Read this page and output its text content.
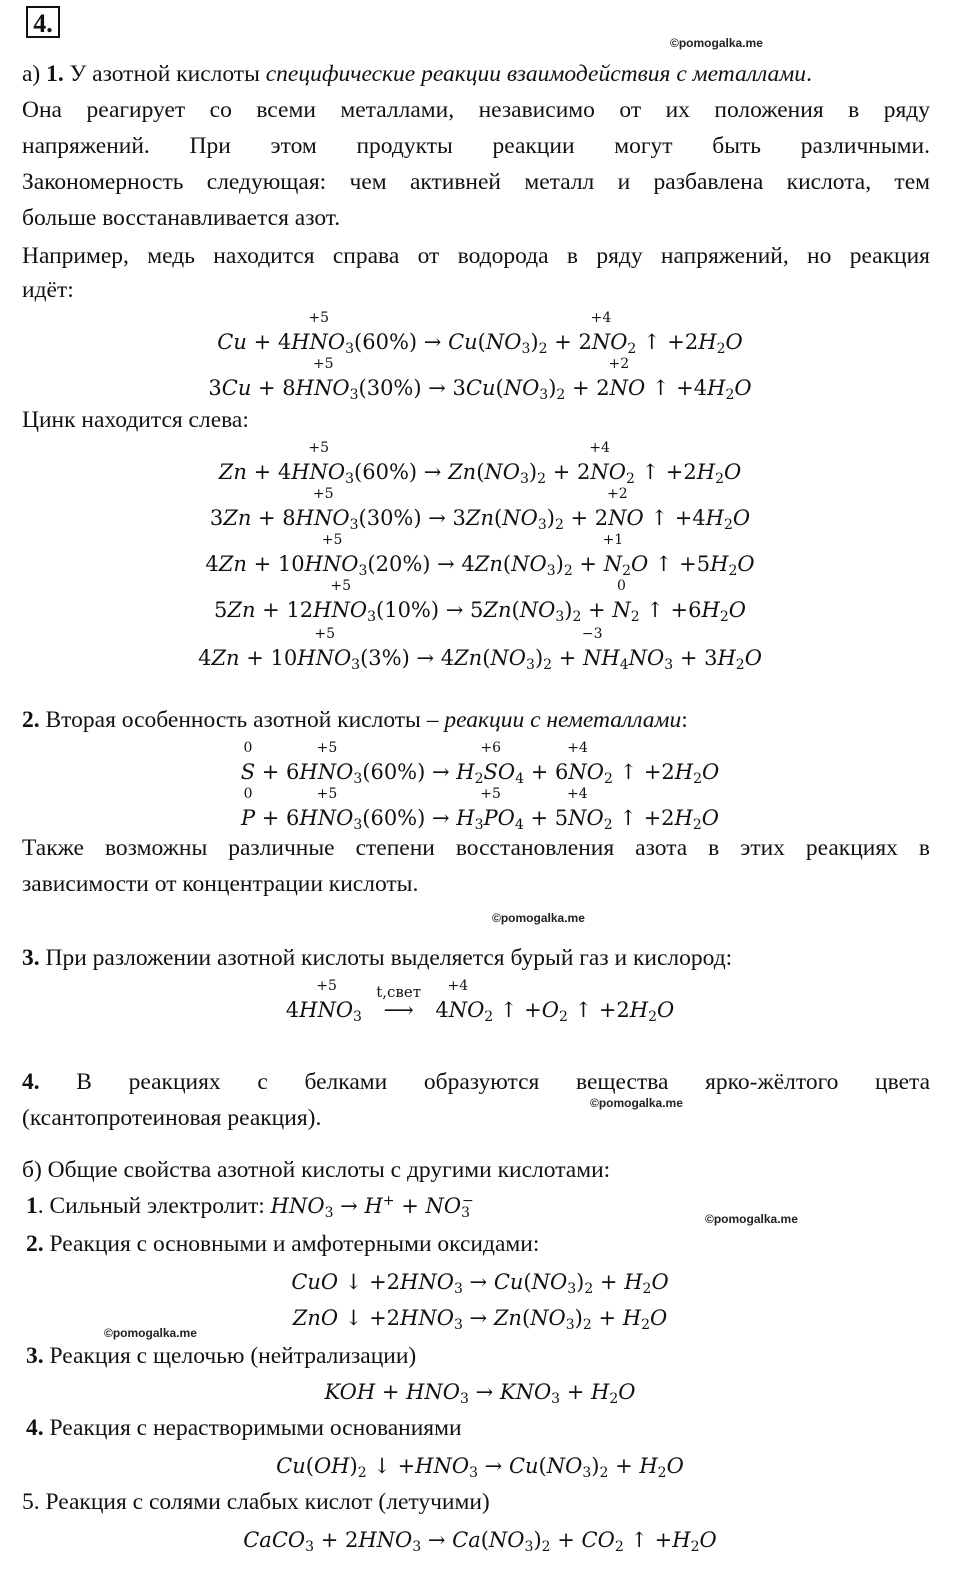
4.
©pomogalka.me
а) 1. У азотной кислоты специфические реакции взаимодействия с металлами.
Она реагирует со всеми металлами, независимо от их положения в ряду
напряжений. При этом продукты реакции могут быть различными.
Закономерность следующая: чем активней металл и разбавлена кислота, тем
больше восстанавливается азот.
Например, медь находится справа от водорода в ряду напряжений, но реакция
идёт:
Cu + 4HN
+5
$O_3(60\%) \to Cu(NO_3)_2 + 2N$
+4
$O_2$ ↑ $+2H_2O$
3Cu + 8HN
+5
$O_3(30\%) \to 3Cu(NO_3)_2 + 2N$
+2
O ↑ $+4H_2O$
Цинк находится слева:
Zn + 4HN
+5
$O_3(60\%) \to Zn(NO_3)_2 + 2N$
+4
$O_2$ ↑ $+2H_2O$
3Zn + 8HN
+5
$O_3(30\%) \to 3Zn(NO_3)_2 + 2N$
+2
O ↑ $+4H_2O$
4Zn + 10HN
+5
$O_3(20\%) \to 4Zn(NO_3)_2 + N$
+1
$_2$O ↑ $+5H_2O$
5Zn + 12HN
+5
$O_3(10\%) \to 5Zn(NO_3)_2 + N$
0
$_2$ ↑ $+6H_2O$
4Zn + 10HN
+5
$O_3(3\%) \to 4Zn(NO_3)_2 + N$
−3
$H_4NO_3 + 3H_2O$
2. Вторая особенность азотной кислоты – реакции с неметаллами:
S
0
+ 6HN
+5
$O_3(60\%) \to H_2S$
+6
$O_4 + 6N$
+4
$O_2$ ↑ $+2H_2O$
P
0
+ 6HN
+5
$O_3(60\%) \to H_3P$
+5
$O_4 + 5N$
+4
$O_2$ ↑ $+2H_2O$
Также возможны различные степени восстановления азота в этих реакциях в
зависимости от концентрации кислоты.
©pomogalka.me
3. При разложении азотной кислоты выделяется бурый газ и кислород:
4HN
+5
$O_3$
t,свет
⟶ 4N
+4
$O_2$ ↑ $+O_2$ ↑ $+2H_2O$
4. В реакциях с белками образуются вещества ярко-жёлтого цвета
©pomogalka.me
(ксантопротеиновая реакция).
б) Общие свойства азотной кислоты с другими кислотами:
1. Сильный электролит: $HNO_3 \to H^+ + NO_3^-$
©pomogalka.me
2. Реакция с основными и амфотерными оксидами:
CuO ↓ $+2HNO_3 \to Cu(NO_3)_2 + H_2O$
ZnO ↓ $+2HNO_3 \to Zn(NO_3)_2 + H_2O$
©pomogalka.me
3. Реакция с щелочью (нейтрализации)
KOH + $HNO_3 \to KNO_3 + H_2O$
4. Реакция с нерастворимыми основаниями
$Cu(OH)_2$ ↓ $+HNO_3 \to Cu(NO_3)_2 + H_2O$
5. Реакция с солями слабых кислот (летучими)
CaCO$_3$ + $2HNO_3 \to Ca(NO_3)_2 + CO_2$ ↑ $+H_2O$
